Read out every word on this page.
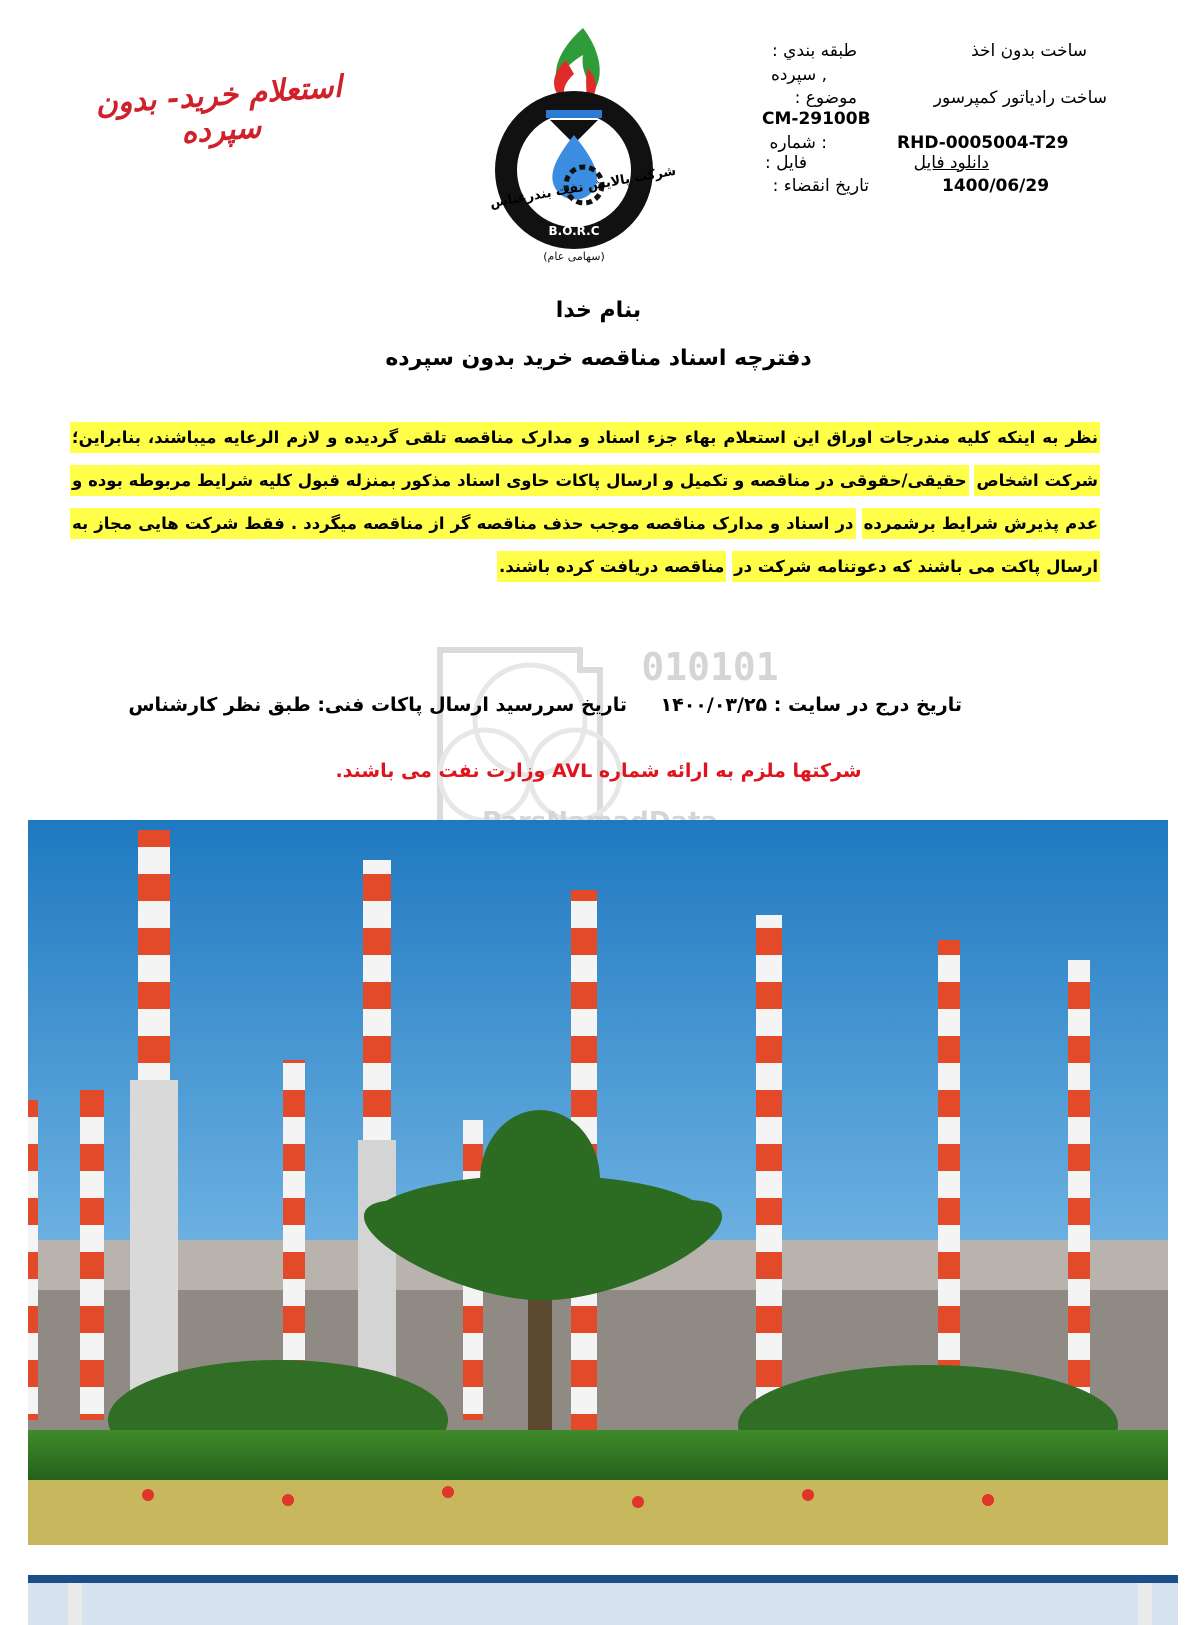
استعلام خرید- بدون سپرده
B.O.R.C
(سهامی عام)
شرکت پالایش نفت بندرعباس
طبقه بندي :
, سپرده
موضوع :
CM-29100B
: شماره
فایل :
تاریخ انقضاء :
ساخت بدون اخذ
ساخت رادیاتور کمپرسور
RHD-0005004-T29
دانلود فایل
1400/06/29
بنام خدا
دفترچه اسناد مناقصه خرید بدون سپرده
نظر به اینکه کلیه مندرجات اوراق این استعلام بهاء جزء اسناد و مدارک مناقصه تلقی گردیده و لازم الرعایه میباشند، بنابراین؛ شرکت اشخاص حقیقی/حقوقی در مناقصه و تکمیل و ارسال پاکات حاوی اسناد مذکور بمنزله قبول کلیه شرایط مربوطه بوده و عدم پذیرش شرایط برشمرده در اسناد و مدارک مناقصه موجب حذف مناقصه گر از مناقصه میگردد . فقط شرکت هایی مجاز به ارسال پاکت می باشند که دعوتنامه شرکت در مناقصه دریافت کرده باشند.
010101
تاریخ درج در سایت : ۱۴۰۰/۰۳/۲۵
تاریخ سررسید ارسال پاکات فنی: طبق نظر کارشناس
شرکتها ملزم به ارائه شماره AVL وزارت نفت می باشند.
